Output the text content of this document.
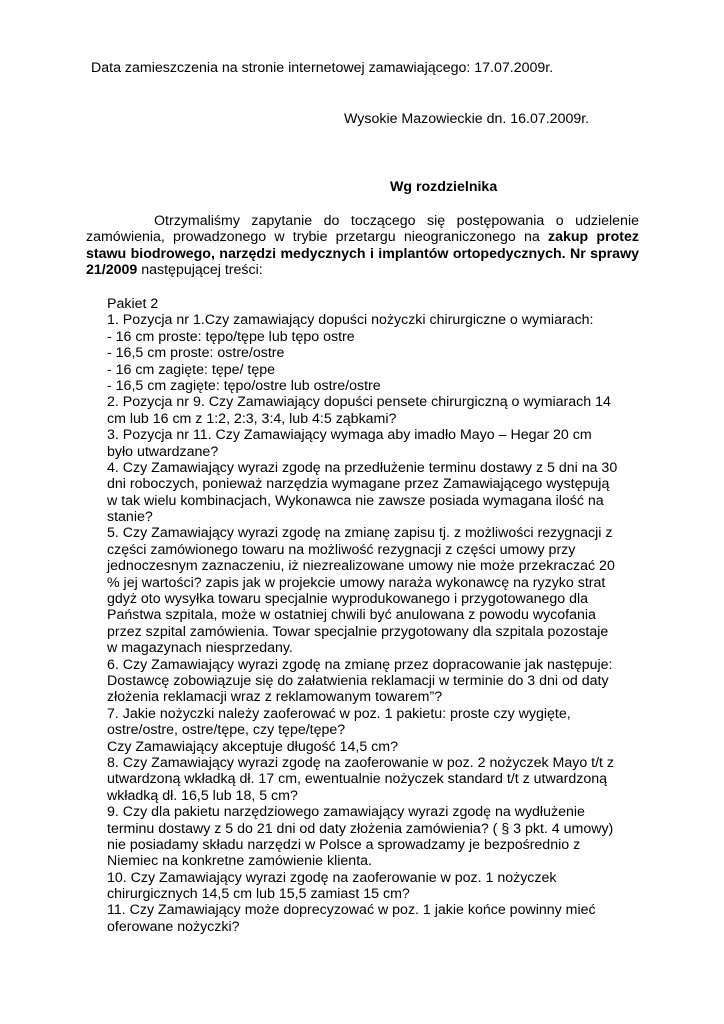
Data zamieszczenia na stronie internetowej zamawiającego: 17.07.2009r.
Wysokie Mazowieckie dn. 16.07.2009r.
Wg rozdzielnika
Otrzymaliśmy zapytanie do toczącego się postępowania o udzielenie zamówienia, prowadzonego w trybie przetargu nieograniczonego na zakup protez stawu biodrowego, narzędzi medycznych i implantów ortopedycznych. Nr sprawy 21/2009 następującej treści:
Pakiet 2
1. Pozycja nr 1.Czy zamawiający dopuści nożyczki chirurgiczne o wymiarach:
- 16 cm proste: tępo/tępe lub tępo ostre
- 16,5 cm proste: ostre/ostre
- 16 cm zagięte: tępe/ tępe
- 16,5 cm zagięte: tępo/ostre lub ostre/ostre
2. Pozycja nr 9. Czy Zamawiający dopuści pensete chirurgiczną o wymiarach 14
cm lub 16 cm z 1:2, 2:3, 3:4, lub 4:5 ząbkami?
3. Pozycja nr 11. Czy Zamawiający wymaga aby imadło Mayo – Hegar 20 cm
było utwardzane?
4. Czy Zamawiający wyrazi zgodę na przedłużenie terminu dostawy z 5 dni na 30
dni roboczych, ponieważ narzędzia wymagane przez Zamawiającego występują
w tak wielu kombinacjach, Wykonawca nie zawsze posiada wymagana ilość na
stanie?
5. Czy Zamawiający wyrazi zgodę na zmianę zapisu tj. z możliwości rezygnacji z
części zamówionego towaru na możliwość rezygnacji z części umowy przy
jednoczesnym zaznaczeniu, iż niezrealizowane umowy nie może przekraczać 20
% jej wartości? zapis jak w projekcie umowy naraża wykonawcę na ryzyko strat
gdyż oto wysyłka towaru specjalnie wyprodukowanego i przygotowanego dla
Państwa szpitala, może w ostatniej chwili być anulowana z powodu wycofania
przez szpital zamówienia. Towar specjalnie przygotowany dla szpitala pozostaje
w magazynach niesprzedany.
6. Czy Zamawiający wyrazi zgodę na zmianę przez dopracowanie jak następuje:
Dostawcę zobowiązuje się do załatwienia reklamacji w terminie do 3 dni od daty
złożenia reklamacji wraz z reklamowanym towarem”?
7. Jakie nożyczki należy zaoferować w poz. 1 pakietu: proste czy wygięte,
ostre/ostre, ostre/tępe, czy tępe/tępe?
Czy Zamawiający akceptuje długość 14,5 cm?
8. Czy Zamawiający wyrazi zgodę na zaoferowanie w poz. 2 nożyczek Mayo t/t z
utwardzoną wkładką dł. 17 cm, ewentualnie nożyczek standard t/t z utwardzoną
wkładką dł. 16,5 lub 18, 5 cm?
9. Czy dla pakietu narzędziowego zamawiający wyrazi zgodę na wydłużenie
terminu dostawy z 5 do 21 dni od daty złożenia zamówienia? ( § 3 pkt. 4 umowy)
nie posiadamy składu narzędzi w Polsce a sprowadzamy je bezpośrednio z
Niemiec na konkretne zamówienie klienta.
10. Czy Zamawiający wyrazi zgodę na zaoferowanie w poz. 1 nożyczek
chirurgicznych 14,5 cm lub 15,5 zamiast 15 cm?
11. Czy Zamawiający może doprecyzować w poz. 1 jakie końce powinny mieć
oferowane nożyczki?
